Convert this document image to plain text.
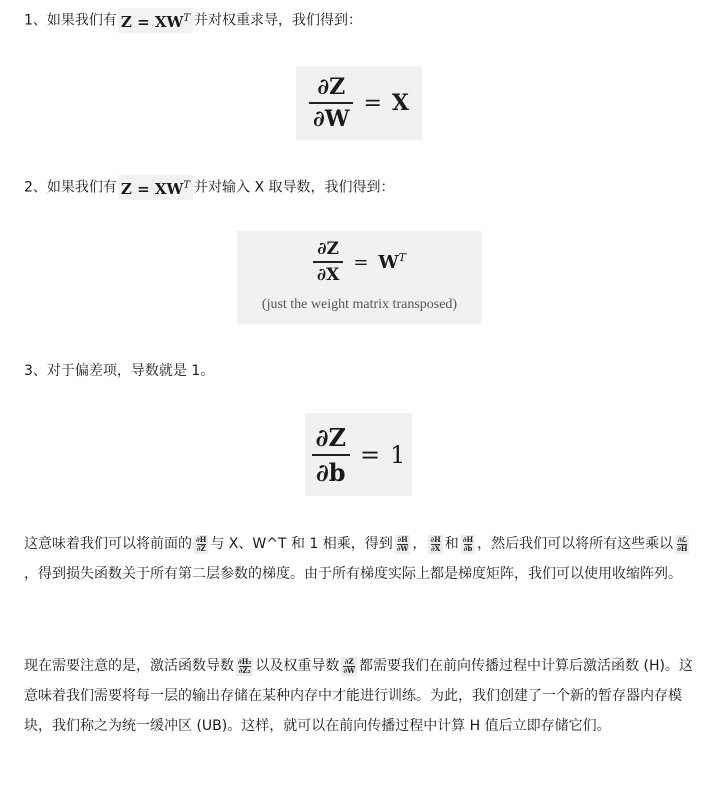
1、如果我们有 $Z = XW^T$ 并对权重求导，我们得到：
$\frac{\partial Z}{\partial W} = X$
2、如果我们有 $Z = XW^T$ 并对输入 X 取导数，我们得到：
$\frac{\partial Z}{\partial X} = W^T$
(just the weight matrix transposed)
3、对于偏差项，导数就是 1。
$\frac{\partial Z}{\partial b} = 1$
这意味着我们可以将前面的 $\frac{\partial H}{\partial Z}$ 与 X、W^T 和 1 相乘，得到 $\frac{\partial H}{\partial W}$ ， $\frac{\partial H}{\partial X}$ 和 $\frac{\partial H}{\partial b}$ ，然后我们可以将所有这些乘以 ∂ℒ
∂H
，得到损失函数关于所有第二层参数的梯度。由于所有梯度实际上都是梯度矩阵，我们可以使用收缩阵列。
现在需要注意的是，激活函数导数 $\frac{\text{∂H₂}}{\text{∂Z₂}}$ 以及权重导数 $\frac{\partial Z}{\partial W}$ 都需要我们在前向传播过程中计算后激活函数 (H)。这意味着我们需要将每一层的输出存储在某种内存中才能进行训练。为此，我们创建了一个新的暂存器内存模块，我们称之为统一缓冲区 (UB)。这样，就可以在前向传播过程中计算 H 值后立即存储它们。
